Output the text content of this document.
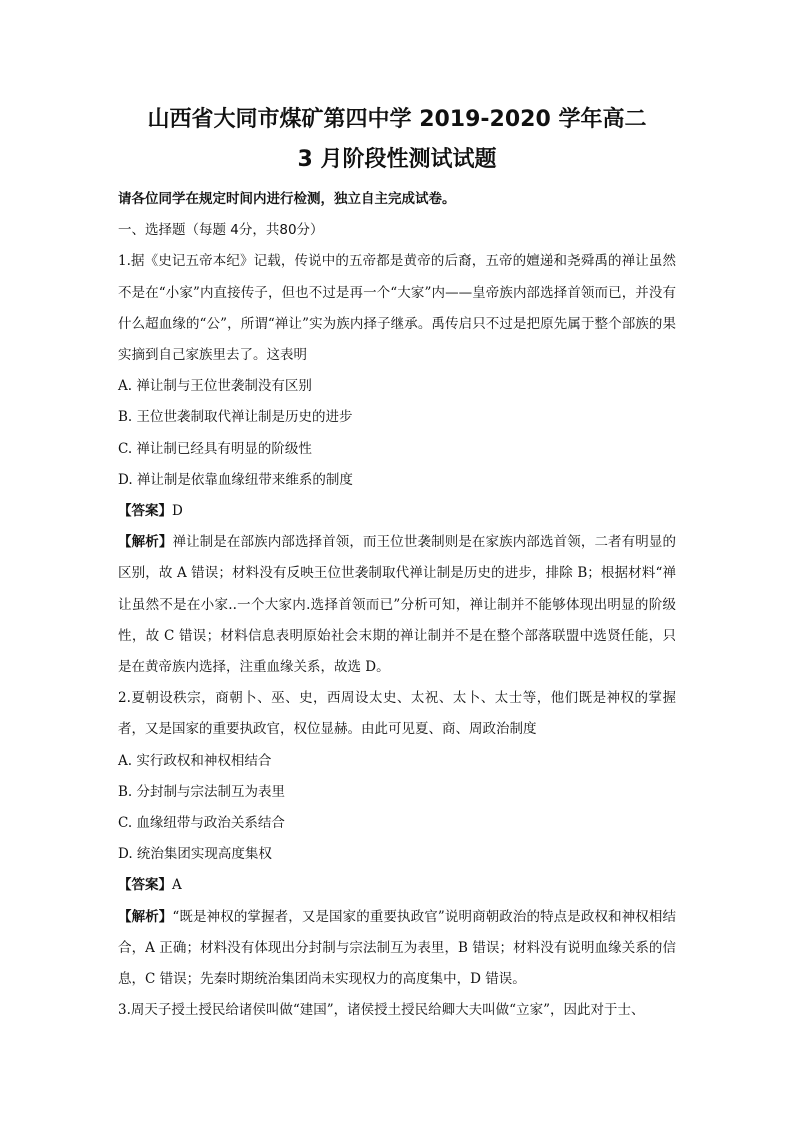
山西省大同市煤矿第四中学 2019-2020 学年高二
3 月阶段性测试试题

请各位同学在规定时间内进行检测，独立自主完成试卷。

一、选择题（每题 4分，共80分）

1.据《史记五帝本纪》记载，传说中的五帝都是黄帝的后裔，五帝的嬗递和尧舜禹的禅让虽然不是在“小家”内直接传子，但也不过是再一个“大家”内——皇帝族内部选择首领而已，并没有什么超血缘的“公”，所谓“禅让”实为族内择子继承。禹传启只不过是把原先属于整个部族的果实摘到自己家族里去了。这表明

A. 禅让制与王位世袭制没有区别

B. 王位世袭制取代禅让制是历史的进步

C. 禅让制已经具有明显的阶级性

D. 禅让制是依靠血缘纽带来维系的制度

【答案】D

【解析】禅让制是在部族内部选择首领，而王位世袭制则是在家族内部选首领，二者有明显的区别，故 A 错误；材料没有反映王位世袭制取代禅让制是历史的进步，排除 B；根据材料“禅让虽然不是在小家..一个大家内.选择首领而已”分析可知，禅让制并不能够体现出明显的阶级性，故 C 错误；材料信息表明原始社会末期的禅让制并不是在整个部落联盟中选贤任能，只是在黄帝族内选择，注重血缘关系，故选 D。

2.夏朝设秩宗，商朝卜、巫、史，西周设太史、太祝、太卜、太士等，他们既是神权的掌握者，又是国家的重要执政官，权位显赫。由此可见夏、商、周政治制度

A. 实行政权和神权相结合

B. 分封制与宗法制互为表里

C. 血缘纽带与政治关系结合

D. 统治集团实现高度集权

【答案】A

【解析】“既是神权的掌握者，又是国家的重要执政官”说明商朝政治的特点是政权和神权相结合，A 正确；材料没有体现出分封制与宗法制互为表里，B 错误；材料没有说明血缘关系的信息，C 错误；先秦时期统治集团尚未实现权力的高度集中，D 错误。

3.周天子授土授民给诸侯叫做“建国”，诸侯授土授民给卿大夫叫做“立家”，因此对于士、
